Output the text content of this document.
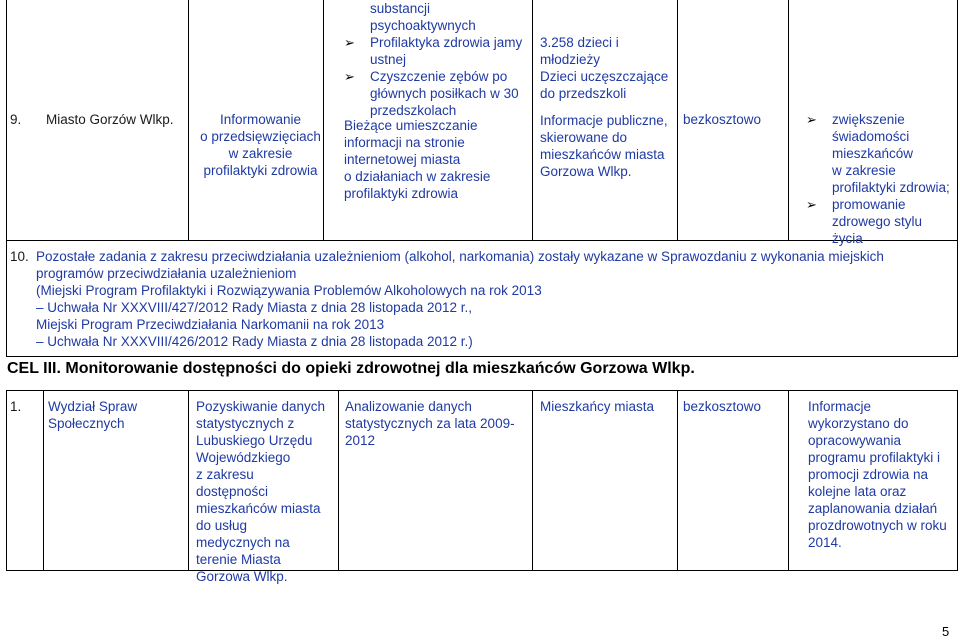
9. Miasto Gorzów Wlkp.	Informowanie
o przedsięwzięciach
w zakresie
profilaktyki zdrowia
substancji
psychoaktywnych
➢ Profilaktyka zdrowia jamy
ustnej
➢ Czyszczenie zębów po
głównych posiłkach w 30
przedszkolach
Bieżące umieszczanie
informacji na stronie
internetowej miasta
o działaniach w zakresie
profilaktyki zdrowia
3.258 dzieci i
młodzieży
Dzieci uczęszczające
do przedszkoli
Informacje publiczne,
skierowane do
mieszkańców miasta
Gorzowa Wlkp.
bezkosztowo
➢	zwiększenie
świadomości
mieszkańców
w zakresie
profilaktyki zdrowia;
➢ promowanie
zdrowego stylu
życia
10. Pozostałe zadania z zakresu przeciwdziałania uzależnieniom (alkohol, narkomania) zostały wykazane w Sprawozdaniu z wykonania miejskich
programów przeciwdziałania uzależnieniom
(Miejski Program Profilaktyki i Rozwiązywania Problemów Alkoholowych na rok 2013
– Uchwała Nr XXXVIII/427/2012 Rady Miasta z dnia 28 listopada 2012 r.,
Miejski Program Przeciwdziałania Narkomanii na rok 2013
– Uchwała Nr XXXVIII/426/2012 Rady Miasta z dnia 28 listopada 2012 r.)
CEL III. Monitorowanie dostępności do opieki zdrowotnej dla mieszkańców Gorzowa Wlkp.
1. Wydział Spraw
Społecznych
Pozyskiwanie danych
statystycznych z
Lubuskiego Urzędu
Wojewódzkiego
z zakresu
dostępności
mieszkańców miasta
do usług
medycznych na
terenie Miasta
Gorzowa Wlkp.
Analizowanie danych
statystycznych za lata 2009-
2012
Mieszkańcy miasta bezkosztowo	Informacje
wykorzystano do
opracowywania
programu profilaktyki i
promocji zdrowia na
kolejne lata oraz
zaplanowania działań
prozdrowotnych w roku
2014.
5
